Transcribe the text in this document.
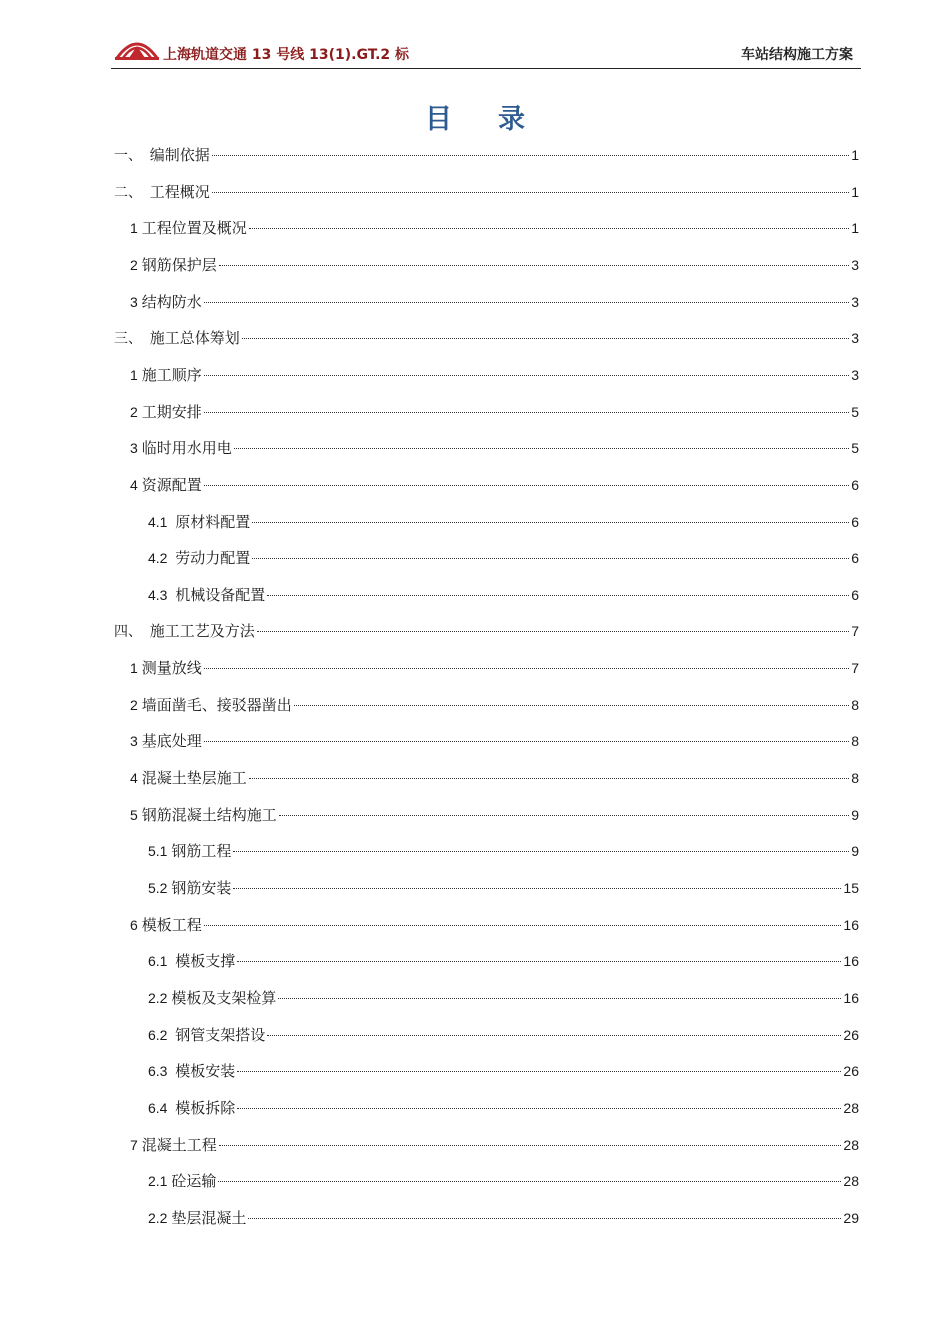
上海轨道交通 13 号线 13(1).GT.2 标	车站结构施工方案
目录
一、 编制依据	1
二、 工程概况	1
1 工程位置及概况	1
2 钢筋保护层	3
3 结构防水	3
三、 施工总体筹划	3
1 施工顺序	3
2 工期安排	5
3 临时用水用电	5
4 资源配置	6
4.1 原材料配置	6
4.2 劳动力配置	6
4.3 机械设备配置	6
四、 施工工艺及方法	7
1 测量放线	7
2 墙面凿毛、接驳器凿出	8
3 基底处理	8
4 混凝土垫层施工	8
5 钢筋混凝土结构施工	9
5.1 钢筋工程	9
5.2 钢筋安装	15
6 模板工程	16
6.1 模板支撑	16
2.2 模板及支架检算	16
6.2 钢管支架搭设	26
6.3 模板安装	26
6.4 模板拆除	28
7 混凝土工程	28
2.1 砼运输	28
2.2 垫层混凝土	29
